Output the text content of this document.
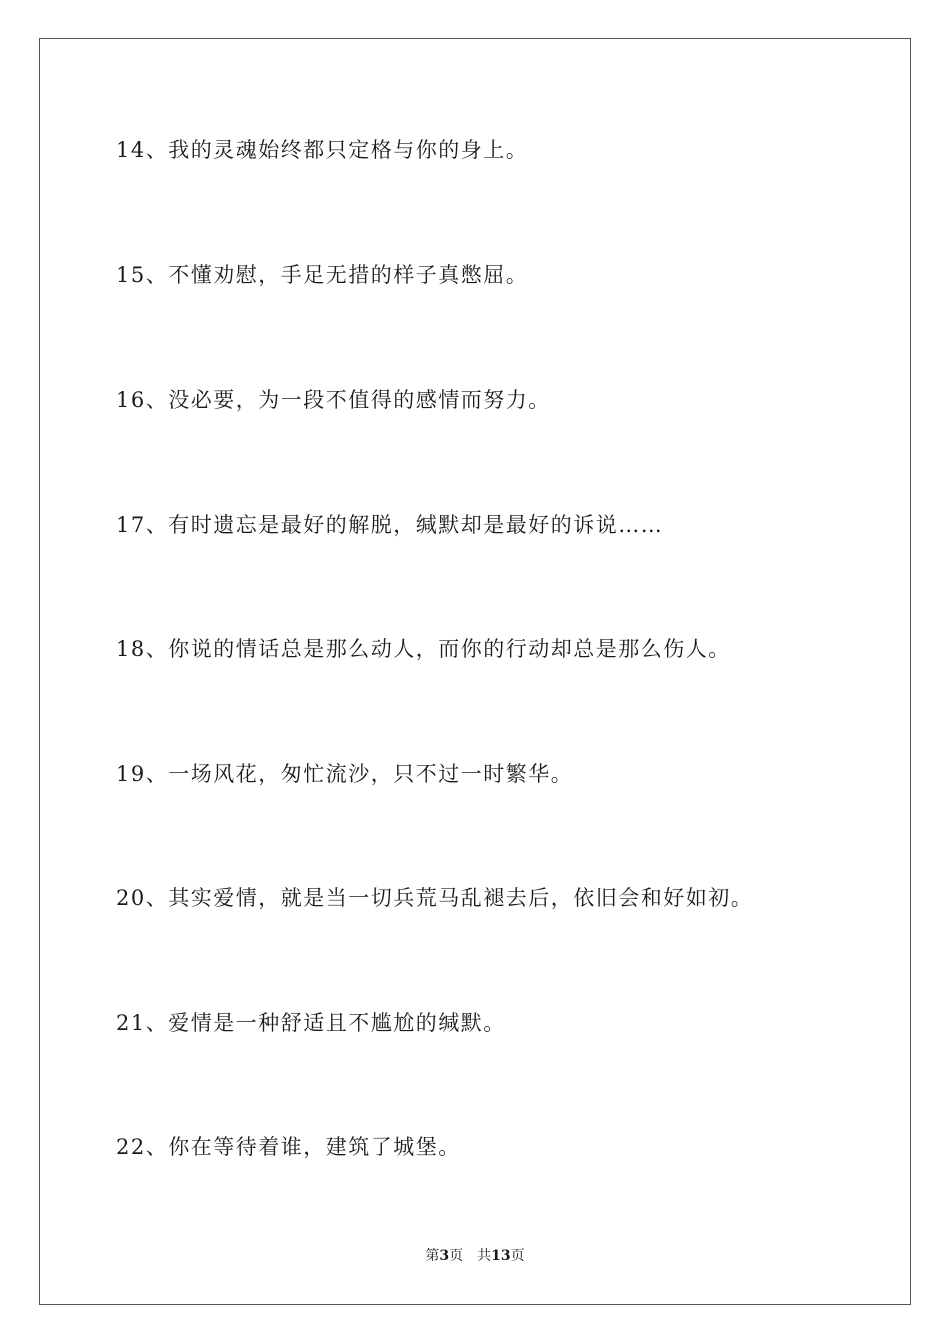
14、我的灵魂始终都只定格与你的身上。
15、不懂劝慰，手足无措的样子真憋屈。
16、没必要，为一段不值得的感情而努力。
17、有时遗忘是最好的解脱，缄默却是最好的诉说……
18、你说的情话总是那么动人，而你的行动却总是那么伤人。
19、一场风花，匆忙流沙，只不过一时繁华。
20、其实爱情，就是当一切兵荒马乱褪去后，依旧会和好如初。
21、爱情是一种舒适且不尴尬的缄默。
22、你在等待着谁，建筑了城堡。
第3页 共13页
